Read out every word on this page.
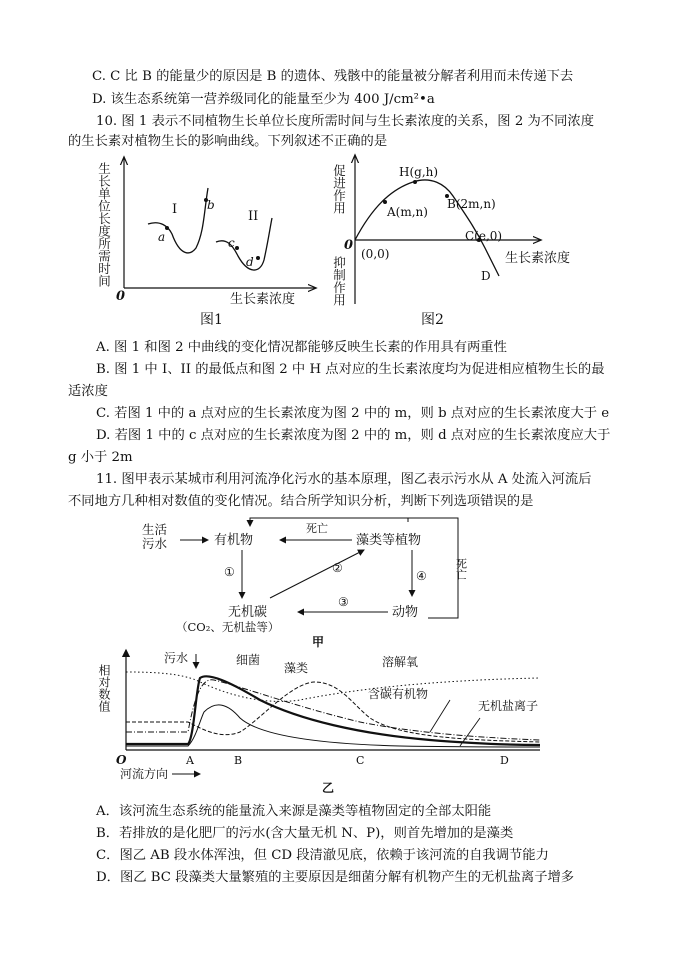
C. C 比 B 的能量少的原因是 B 的遗体、残骸中的能量被分解者利用而未传递下去
D. 该生态系统第一营养级同化的能量至少为 400 J/cm²•a
10. 图 1 表示不同植物生长单位长度所需时间与生长素浓度的关系，图 2 为不同浓度
的生长素对植物生长的影响曲线。下列叙述不正确的是
生长单位长度所需时间
0	生长素浓度
a
b
c
d
I	II
图1
促进作用
抑制作用
0
(0,0)
H(g,h)
A(m,n)
B(2m,n)
C(e,0)
D
生长素浓度
图2
A. 图 1 和图 2 中曲线的变化情况都能够反映生长素的作用具有两重性
B. 图 1 中 I、II 的最低点和图 2 中 H 点对应的生长素浓度均为促进相应植物生长的最
适浓度
C. 若图 1 中的 a 点对应的生长素浓度为图 2 中的 m，则 b 点对应的生长素浓度大于 e
D. 若图 1 中的 c 点对应的生长素浓度为图 2 中的 m，则 d 点对应的生长素浓度应大于
g 小于 2m
11. 图甲表示某城市利用河流净化污水的基本原理，图乙表示污水从 A 处流入河流后
不同地方几种相对数值的变化情况。结合所学知识分析，判断下列选项错误的是
生活
污水	有机物	藻类等植物
死亡
死亡
①	②
④
③
无机碳	动物
（CO₂、无机盐等）
甲
相对数值
O	A	B	C	D
河流方向
乙
污水	细菌
藻类	溶解氧
含碳有机物
无机盐离子
A．该河流生态系统的能量流入来源是藻类等植物固定的全部太阳能
B．若排放的是化肥厂的污水(含大量无机 N、P)，则首先增加的是藻类
C．图乙 AB 段水体浑浊，但 CD 段清澈见底，依赖于该河流的自我调节能力
D．图乙 BC 段藻类大量繁殖的主要原因是细菌分解有机物产生的无机盐离子增多
